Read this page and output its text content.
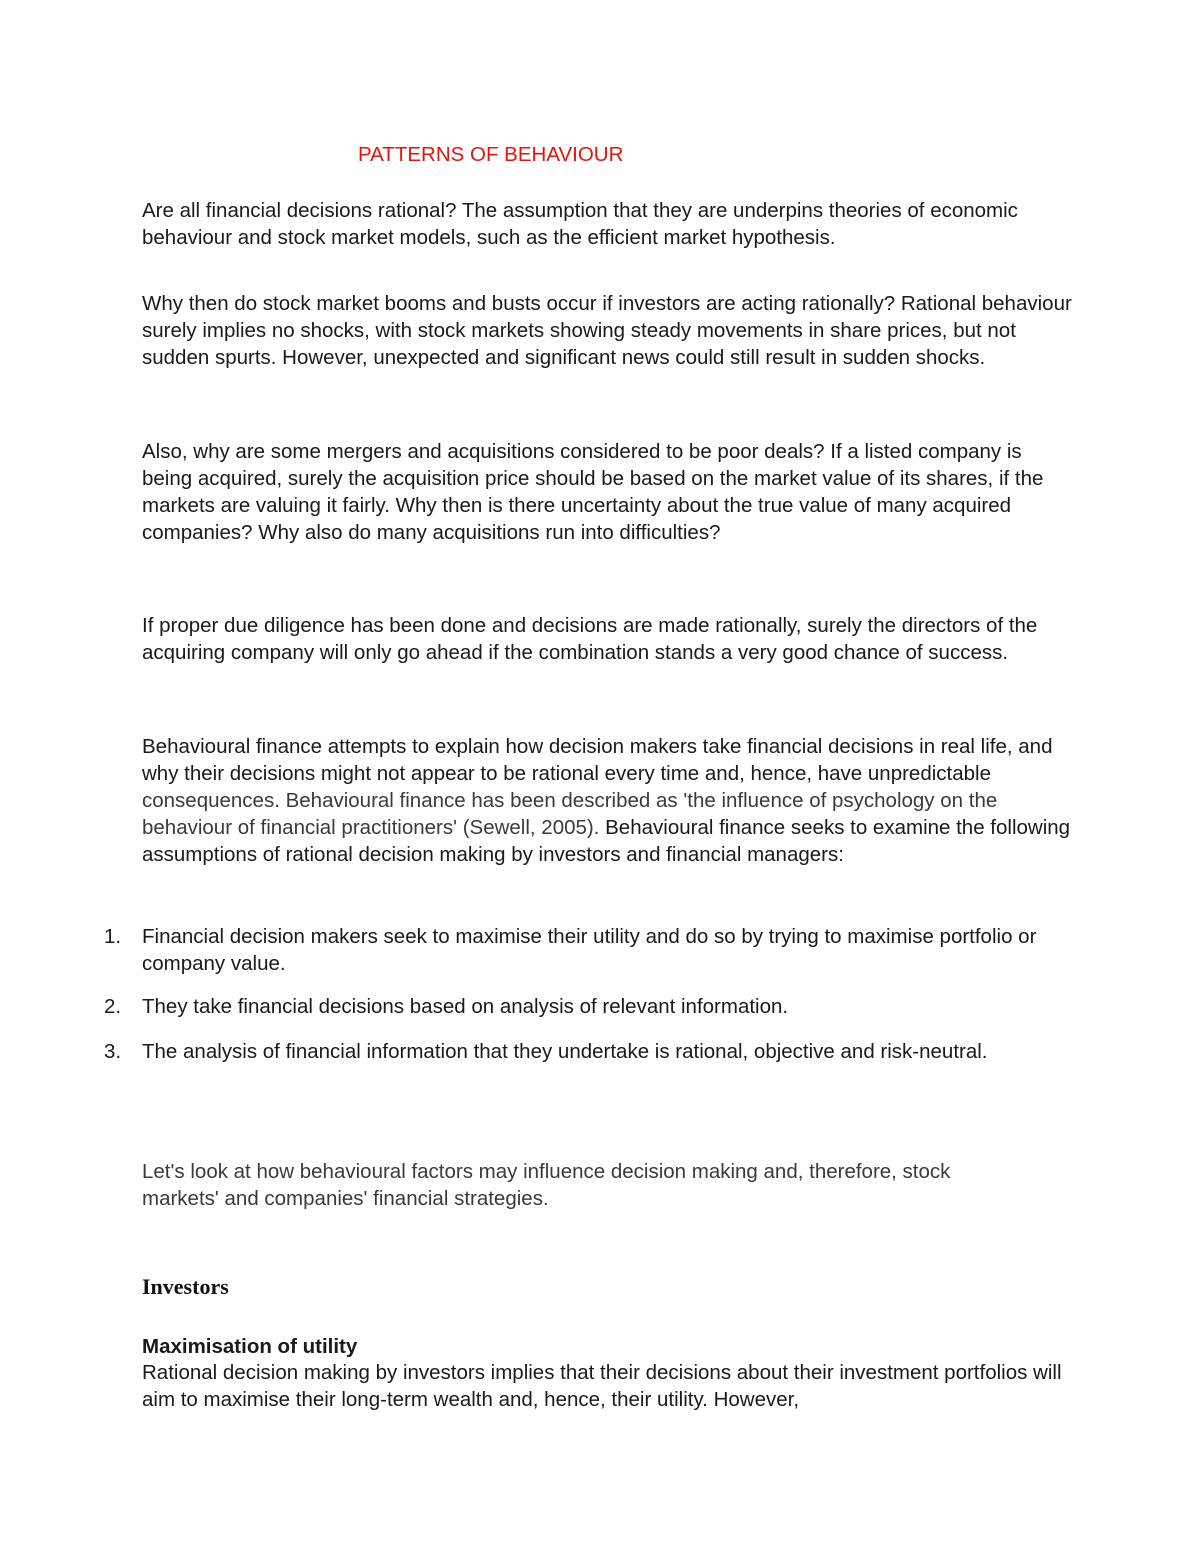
PATTERNS OF BEHAVIOUR

Are all financial decisions rational? The assumption that they are underpins theories of economic behaviour and stock market models, such as the efficient market hypothesis.

Why then do stock market booms and busts occur if investors are acting rationally? Rational behaviour surely implies no shocks, with stock markets showing steady movements in share prices, but not sudden spurts. However, unexpected and significant news could still result in sudden shocks.

Also, why are some mergers and acquisitions considered to be poor deals? If a listed company is being acquired, surely the acquisition price should be based on the market value of its shares, if the markets are valuing it fairly. Why then is there uncertainty about the true value of many acquired companies? Why also do many acquisitions run into difficulties?

If proper due diligence has been done and decisions are made rationally, surely the directors of the acquiring company will only go ahead if the combination stands a very good chance of success.

Behavioural finance attempts to explain how decision makers take financial decisions in real life, and why their decisions might not appear to be rational every time and, hence, have unpredictable consequences. Behavioural finance has been described as 'the influence of psychology on the behaviour of financial practitioners' (Sewell, 2005). Behavioural finance seeks to examine the following assumptions of rational decision making by investors and financial managers:

1.	Financial decision makers seek to maximise their utility and do so by trying to maximise portfolio or company value.
2.	They take financial decisions based on analysis of relevant information.
3.	The analysis of financial information that they undertake is rational, objective and risk-neutral.

Let's look at how behavioural factors may influence decision making and, therefore, stock markets' and companies' financial strategies.

Investors
Maximisation of utility

Rational decision making by investors implies that their decisions about their investment portfolios will aim to maximise their long-term wealth and, hence, their utility. However,
